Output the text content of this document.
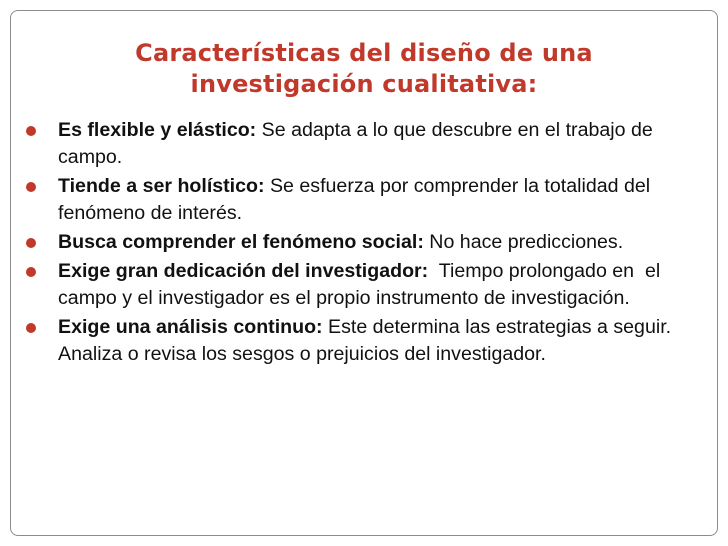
Características del diseño de una
investigación cualitativa:
Es flexible y elástico: Se adapta a lo que descubre en el trabajo de campo.
Tiende a ser holístico: Se esfuerza por comprender la totalidad del fenómeno de interés.
Busca comprender el fenómeno social: No hace predicciones.
Exige gran dedicación del investigador:  Tiempo prolongado en  el campo y el investigador es el propio instrumento de investigación.
Exige una análisis continuo: Este determina las estrategias a seguir. Analiza o revisa los sesgos o prejuicios del investigador.
